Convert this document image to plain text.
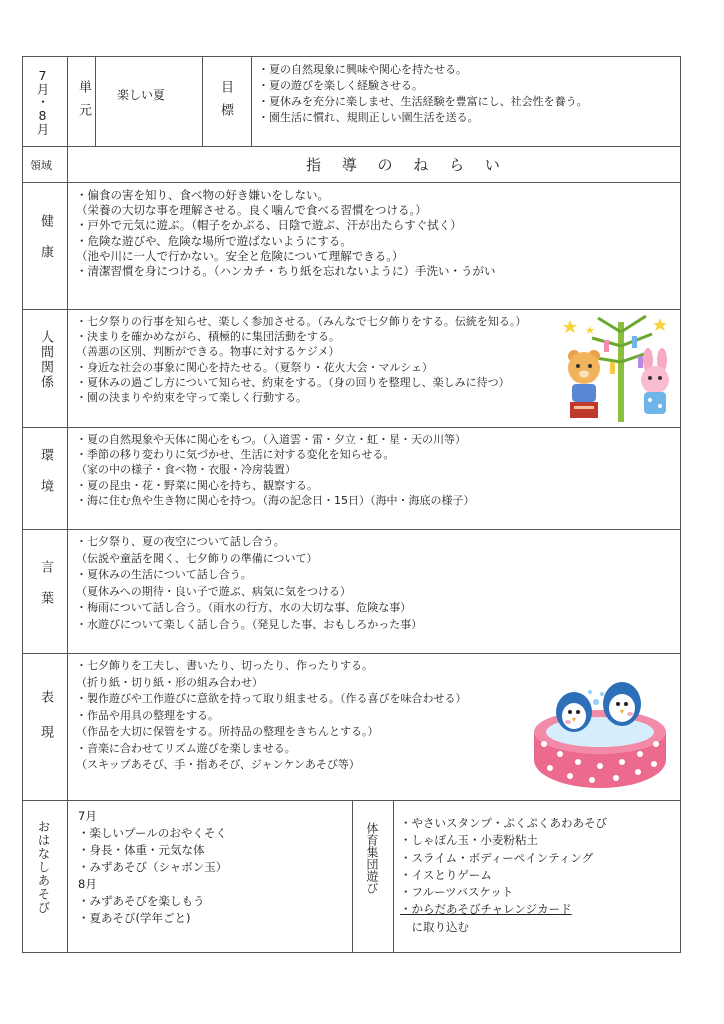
7月・8月 単元 楽しい夏	目標
・夏の自然現象に興味や関心を持たせる。
・夏の遊びを楽しく経験させる。
・夏休みを充分に楽しませ、生活経験を豊富にし、社会性を養う。
・園生活に慣れ、規則正しい園生活を送る。
領域	指 導 の ね ら い
健康
・偏食の害を知り、食べ物の好き嫌いをしない。
（栄養の大切な事を理解させる。良く噛んで食べる習慣をつける。）
・戸外で元気に遊ぶ。（帽子をかぶる、日陰で遊ぶ、汗が出たらすぐ拭く）
・危険な遊びや、危険な場所で遊ばないようにする。
（池や川に一人で行かない。安全と危険について理解できる。）
・清潔習慣を身につける。（ハンカチ・ちり紙を忘れないように）手洗い・うがい
人間関係
・七夕祭りの行事を知らせ、楽しく参加させる。（みんなで七夕飾りをする。伝統を知る。）
・決まりを確かめながら、積極的に集団活動をする。
（善悪の区別、判断ができる。物事に対するケジメ）
・身近な社会の事象に関心を持たせる。（夏祭り・花火大会・マルシェ）
・夏休みの過ごし方について知らせ、約束をする。（身の回りを整理し、楽しみに待つ）
・園の決まりや約束を守って楽しく行動する。
環境
・夏の自然現象や天体に関心をもつ。（入道雲・雷・夕立・虹・星・天の川等）
・季節の移り変わりに気づかせ、生活に対する変化を知らせる。
（家の中の様子・食べ物・衣服・冷房装置）
・夏の昆虫・花・野菜に関心を持ち、観察する。
・海に住む魚や生き物に関心を持つ。（海の記念日・15日）（海中・海底の様子）
言葉
・七夕祭り、夏の夜空について話し合う。
（伝説や童話を聞く、七夕飾りの準備について）
・夏休みの生活について話し合う。
（夏休みへの期待・良い子で遊ぶ、病気に気をつける）
・梅雨について話し合う。（雨水の行方、水の大切な事、危険な事）
・水遊びについて楽しく話し合う。（発見した事、おもしろかった事）
表現
・七夕飾りを工夫し、書いたり、切ったり、作ったりする。
（折り紙・切り紙・形の組み合わせ）
・製作遊びや工作遊びに意欲を持って取り組ませる。（作る喜びを味合わせる）
・作品や用具の整理をする。
（作品を大切に保管をする。所持品の整理をきちんとする。）
・音楽に合わせてリズム遊びを楽しませる。
（スキップあそび、手・指あそび、ジャンケンあそび等）
おはなしあそび
7月
・楽しいプールのおやくそく
・身長・体重・元気な体
・みずあそび（シャボン玉）
8月
・みずあそびを楽しもう
・夏あそび(学年ごと)
体育集団遊び ・やさいスタンプ・ぷくぷくあわあそび
・しゃぼん玉・小麦粉粘土
・スライム・ボディーペインティング
・イスとりゲーム
・フルーツバスケット
・からだあそびチャレンジカード
　に取り込む
